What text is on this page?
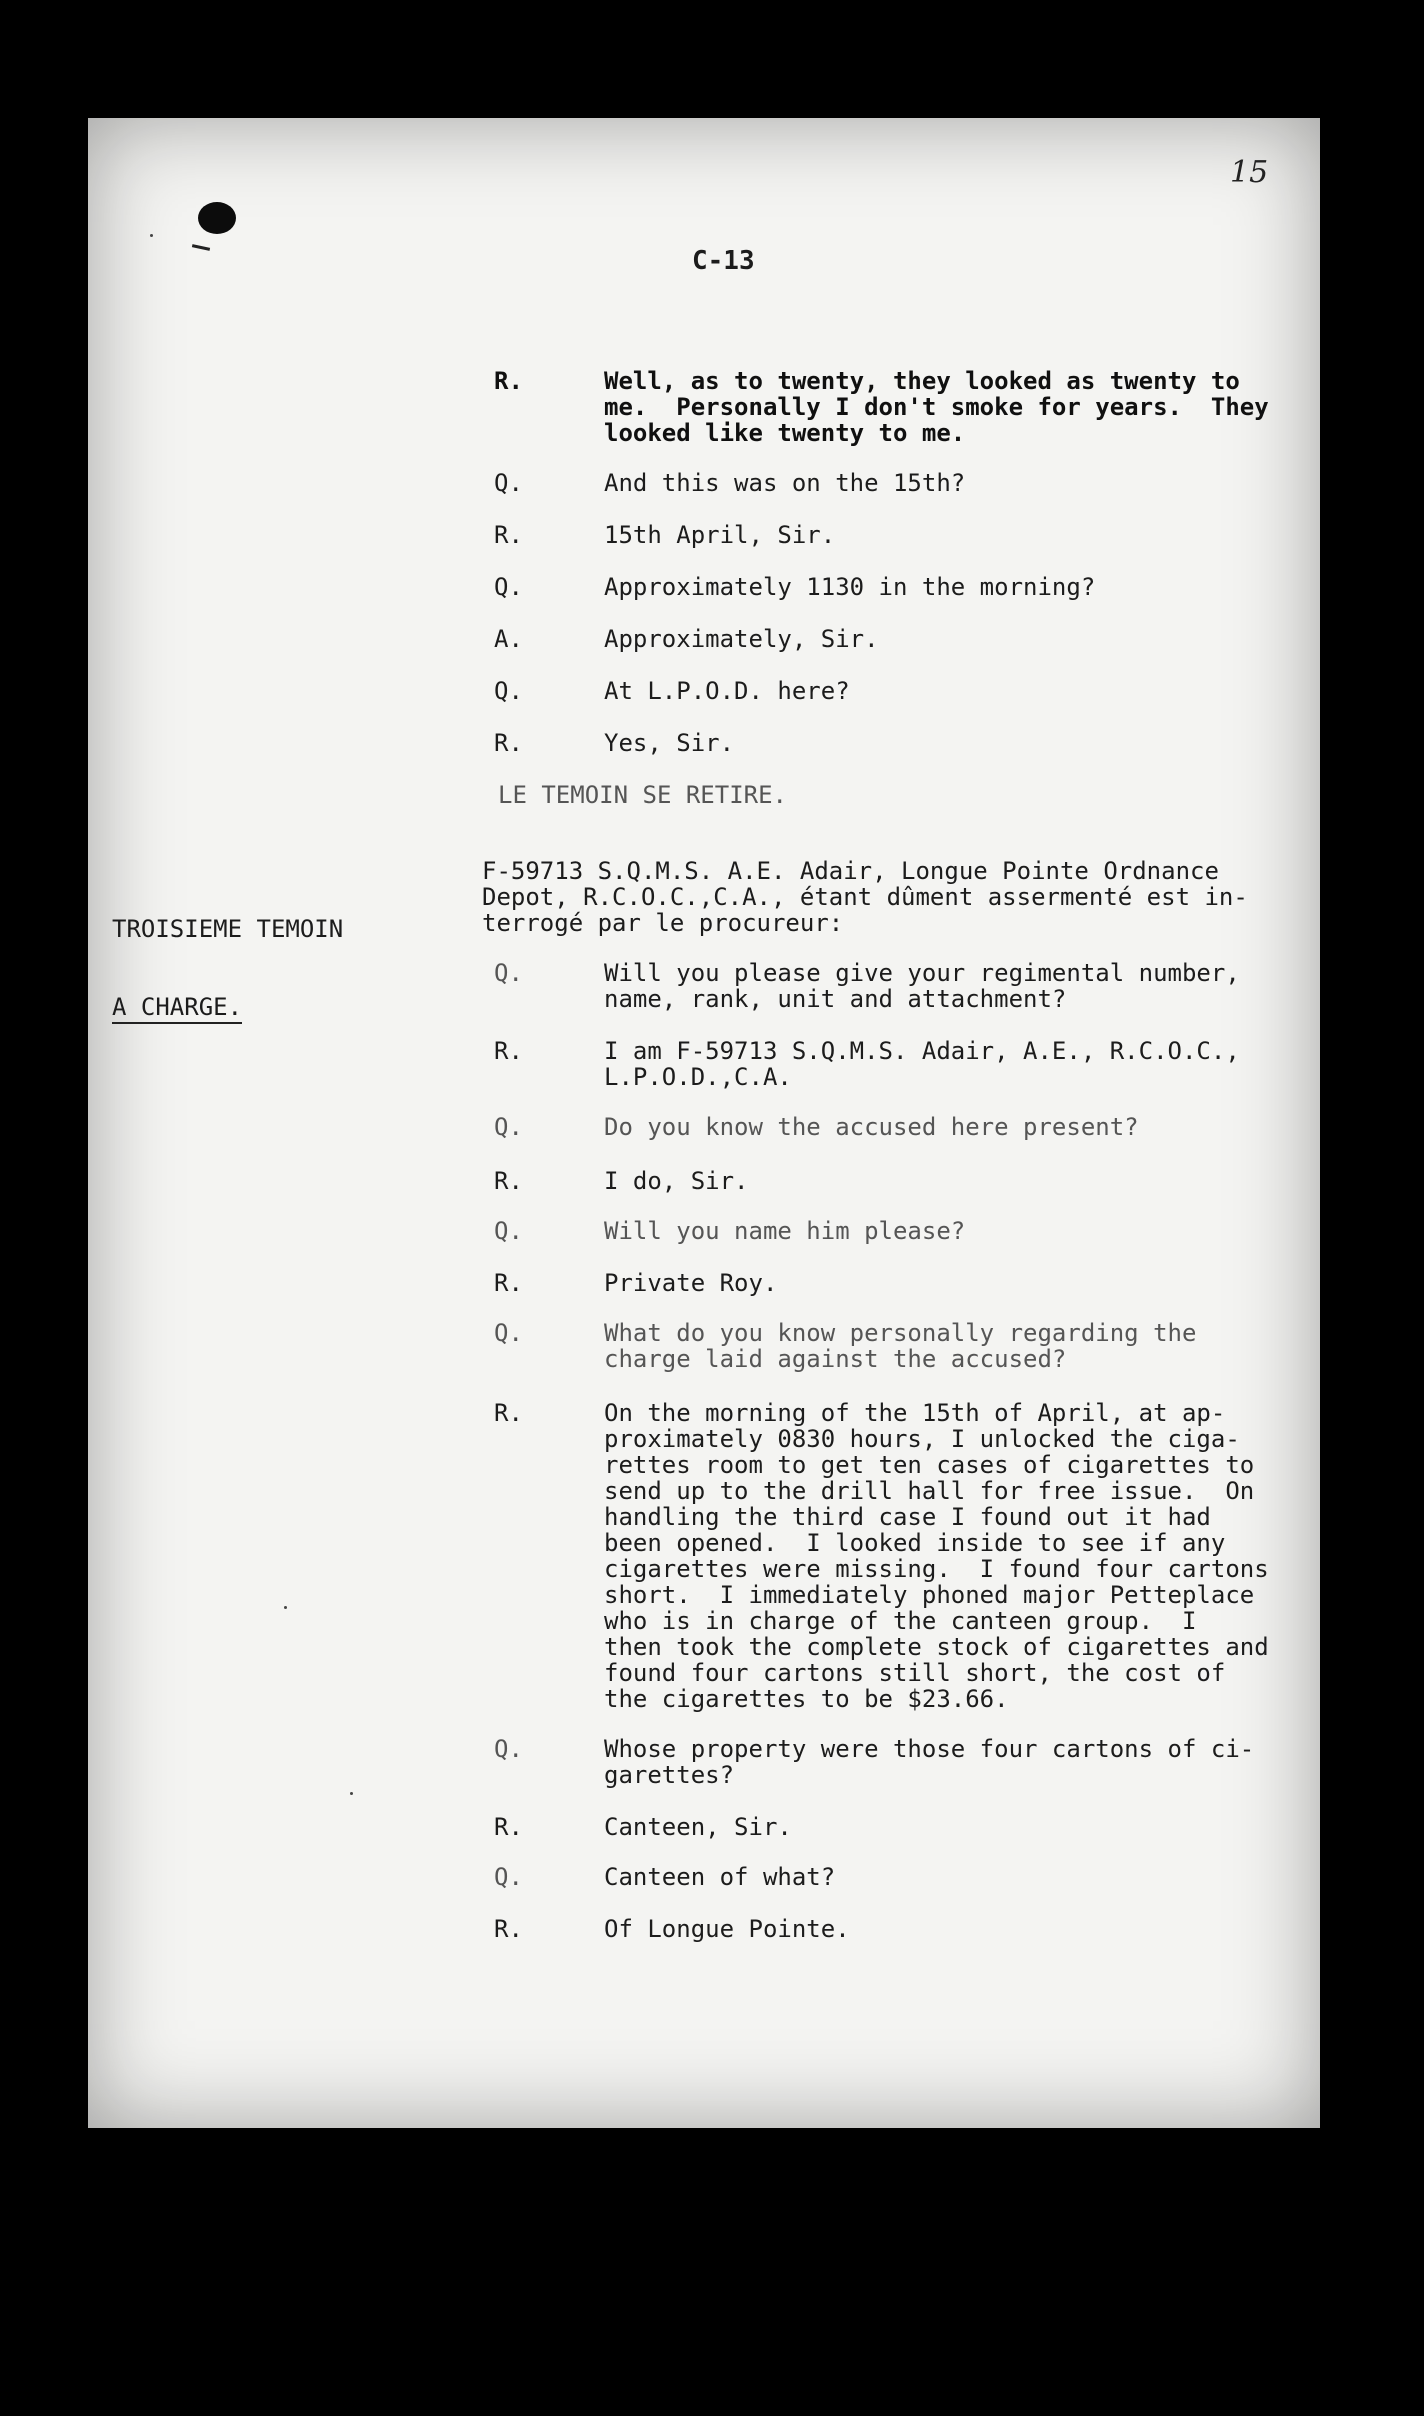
15
C-13
R.	Well, as to twenty, they looked as twenty to
me.  Personally I don't smoke for years.  They
looked like twenty to me.
Q.	And this was on the 15th?
R.	15th April, Sir.
Q.	Approximately 1130 in the morning?
A.	Approximately, Sir.
Q.	At L.P.O.D. here?
R.	Yes, Sir.
LE TEMOIN SE RETIRE.

TROISIEME TEMOIN

A CHARGE.

F-59713 S.Q.M.S. A.E. Adair, Longue Pointe Ordnance
Depot, R.C.O.C.,C.A., étant dûment assermenté est in-
terrogé par le procureur:
Q.	Will you please give your regimental number,
name, rank, unit and attachment?
R.	I am F-59713 S.Q.M.S. Adair, A.E., R.C.O.C.,
L.P.O.D.,C.A.
Q.	Do you know the accused here present?
R.	I do, Sir.
Q.	Will you name him please?
R.	Private Roy.
Q.	What do you know personally regarding the
charge laid against the accused?
R.	On the morning of the 15th of April, at ap-
proximately 0830 hours, I unlocked the ciga-
rettes room to get ten cases of cigarettes to
send up to the drill hall for free issue.  On
handling the third case I found out it had
been opened.  I looked inside to see if any
cigarettes were missing.  I found four cartons
short.  I immediately phoned major Petteplace
who is in charge of the canteen group.  I
then took the complete stock of cigarettes and
found four cartons still short, the cost of
the cigarettes to be $23.66.
Q.	Whose property were those four cartons of ci-
garettes?
R.	Canteen, Sir.
Q.	Canteen of what?
R.	Of Longue Pointe.
